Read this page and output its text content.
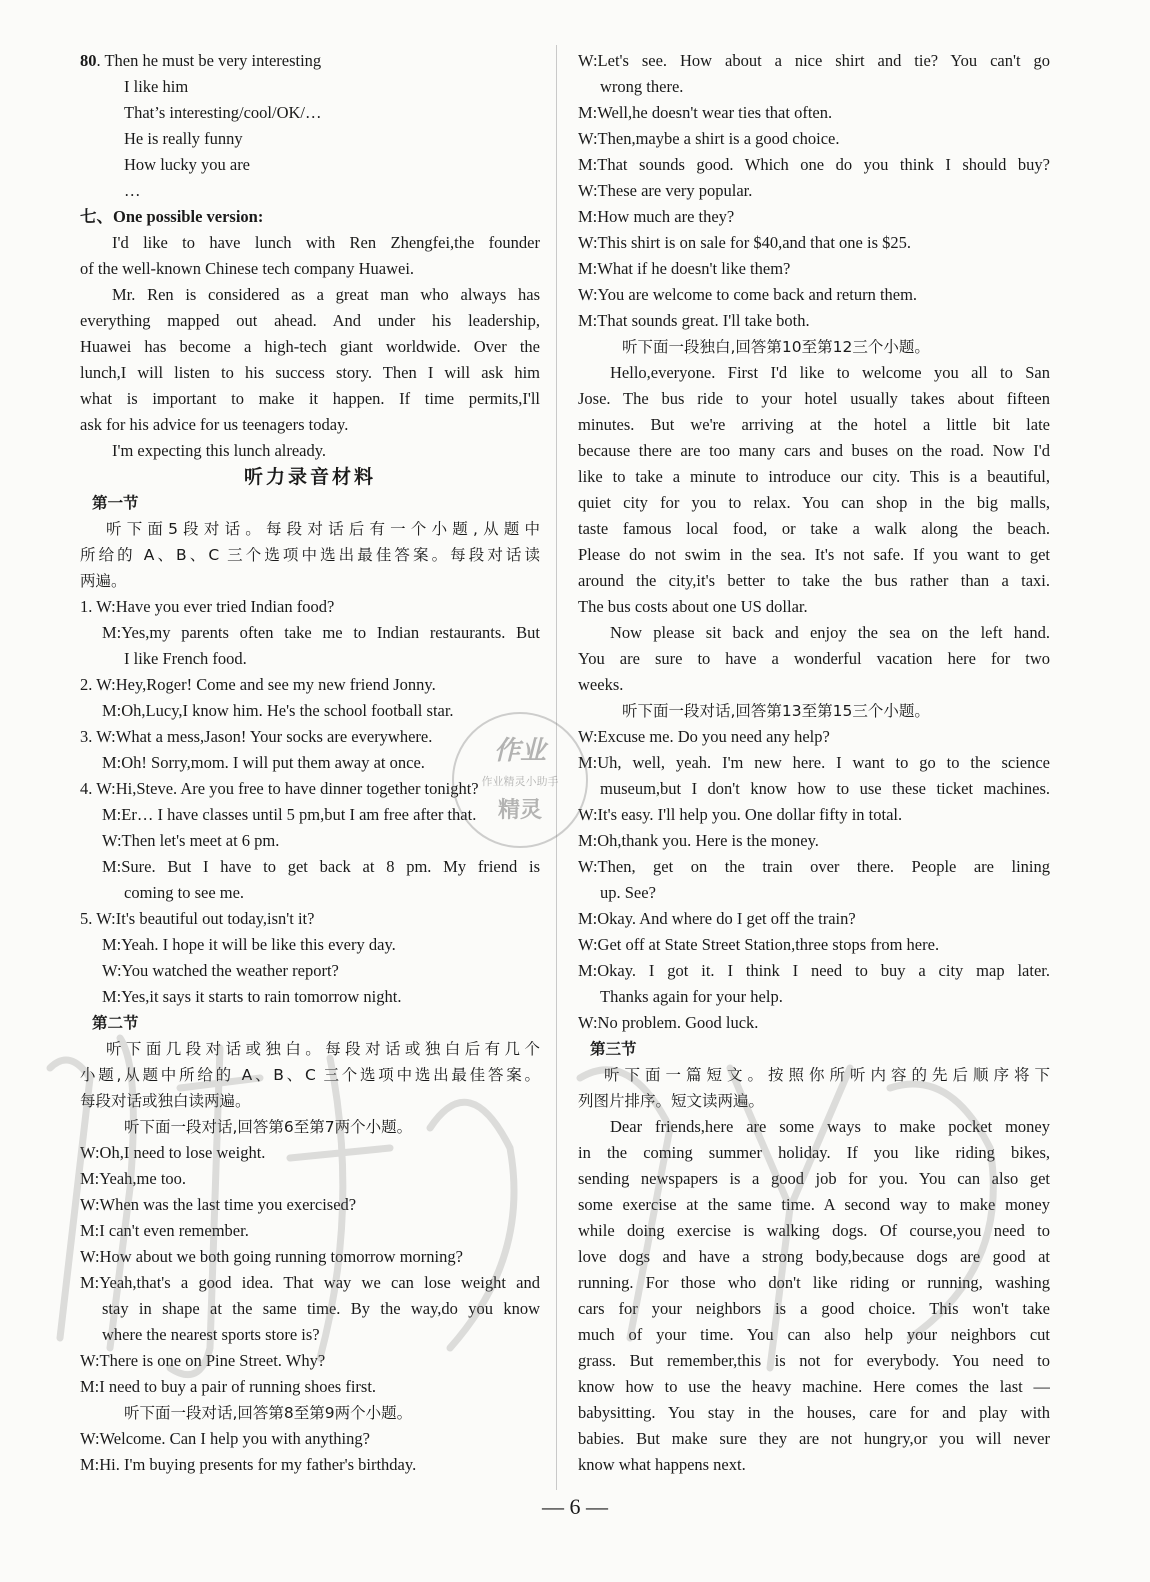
80. Then he must be very interesting
I like him
That’s interesting/cool/OK/…
He is really funny
How lucky you are
…
七、One possible version:
I'd like to have lunch with Ren Zhengfei,the founder
of the well-known Chinese tech company Huawei.
Mr. Ren is considered as a great man who always has
everything mapped out ahead. And under his leadership,
Huawei has become a high-tech giant worldwide. Over the
lunch,I will listen to his success story. Then I will ask him
what is important to make it happen. If time permits,I'll
ask for his advice for us teenagers today.
I'm expecting this lunch already.
听力录音材料
第一节
听下面5段对话。每段对话后有一个小题,从题中
所给的 A、B、C 三个选项中选出最佳答案。每段对话读
两遍。
1. W:Have you ever tried Indian food?
M:Yes,my parents often take me to Indian restaurants. But
I like French food.
2. W:Hey,Roger! Come and see my new friend Jonny.
M:Oh,Lucy,I know him. He's the school football star.
3. W:What a mess,Jason! Your socks are everywhere.
M:Oh! Sorry,mom. I will put them away at once.
4. W:Hi,Steve. Are you free to have dinner together tonight?
M:Er… I have classes until 5 pm,but I am free after that.
W:Then let's meet at 6 pm.
M:Sure. But I have to get back at 8 pm. My friend is
coming to see me.
5. W:It's beautiful out today,isn't it?
M:Yeah. I hope it will be like this every day.
W:You watched the weather report?
M:Yes,it says it starts to rain tomorrow night.
第二节
听下面几段对话或独白。每段对话或独白后有几个
小题,从题中所给的 A、B、C 三个选项中选出最佳答案。
每段对话或独白读两遍。
听下面一段对话,回答第6至第7两个小题。
W:Oh,I need to lose weight.
M:Yeah,me too.
W:When was the last time you exercised?
M:I can't even remember.
W:How about we both going running tomorrow morning?
M:Yeah,that's a good idea. That way we can lose weight and
stay in shape at the same time. By the way,do you know
where the nearest sports store is?
W:There is one on Pine Street. Why?
M:I need to buy a pair of running shoes first.
听下面一段对话,回答第8至第9两个小题。
W:Welcome. Can I help you with anything?
M:Hi. I'm buying presents for my father's birthday.
W:Let's see. How about a nice shirt and tie? You can't go
wrong there.
M:Well,he doesn't wear ties that often.
W:Then,maybe a shirt is a good choice.
M:That sounds good. Which one do you think I should buy?
W:These are very popular.
M:How much are they?
W:This shirt is on sale for $40,and that one is $25.
M:What if he doesn't like them?
W:You are welcome to come back and return them.
M:That sounds great. I'll take both.
听下面一段独白,回答第10至第12三个小题。
Hello,everyone. First I'd like to welcome you all to San
Jose. The bus ride to your hotel usually takes about fifteen
minutes. But we're arriving at the hotel a little bit late
because there are too many cars and buses on the road. Now I'd
like to take a minute to introduce our city. This is a beautiful,
quiet city for you to relax. You can shop in the big malls,
taste famous local food, or take a walk along the beach.
Please do not swim in the sea. It's not safe. If you want to get
around the city,it's better to take the bus rather than a taxi.
The bus costs about one US dollar.
Now please sit back and enjoy the sea on the left hand.
You are sure to have a wonderful vacation here for two
weeks.
听下面一段对话,回答第13至第15三个小题。
W:Excuse me. Do you need any help?
M:Uh, well, yeah. I'm new here. I want to go to the science
museum,but I don't know how to use these ticket machines.
W:It's easy. I'll help you. One dollar fifty in total.
M:Oh,thank you. Here is the money.
W:Then, get on the train over there. People are lining
up. See?
M:Okay. And where do I get off the train?
W:Get off at State Street Station,three stops from here.
M:Okay. I got it. I think I need to buy a city map later.
Thanks again for your help.
W:No problem. Good luck.
第三节
听下面一篇短文。按照你所听内容的先后顺序将下
列图片排序。短文读两遍。
Dear friends,here are some ways to make pocket money
in the coming summer holiday. If you like riding bikes,
sending newspapers is a good job for you. You can also get
some exercise at the same time. A second way to make money
while doing exercise is walking dogs. Of course,you need to
love dogs and have a strong body,because dogs are good at
running. For those who don't like riding or running, washing
cars for your neighbors is a good choice. This won't take
much of your time. You can also help your neighbors cut
grass. But remember,this is not for everybody. You need to
know how to use the heavy machine. Here comes the last —
babysitting. You stay in the houses, care for and play with
babies. But make sure they are not hungry,or you will never
know what happens next.
作业
作业精灵小助手
精灵
— 6 —
